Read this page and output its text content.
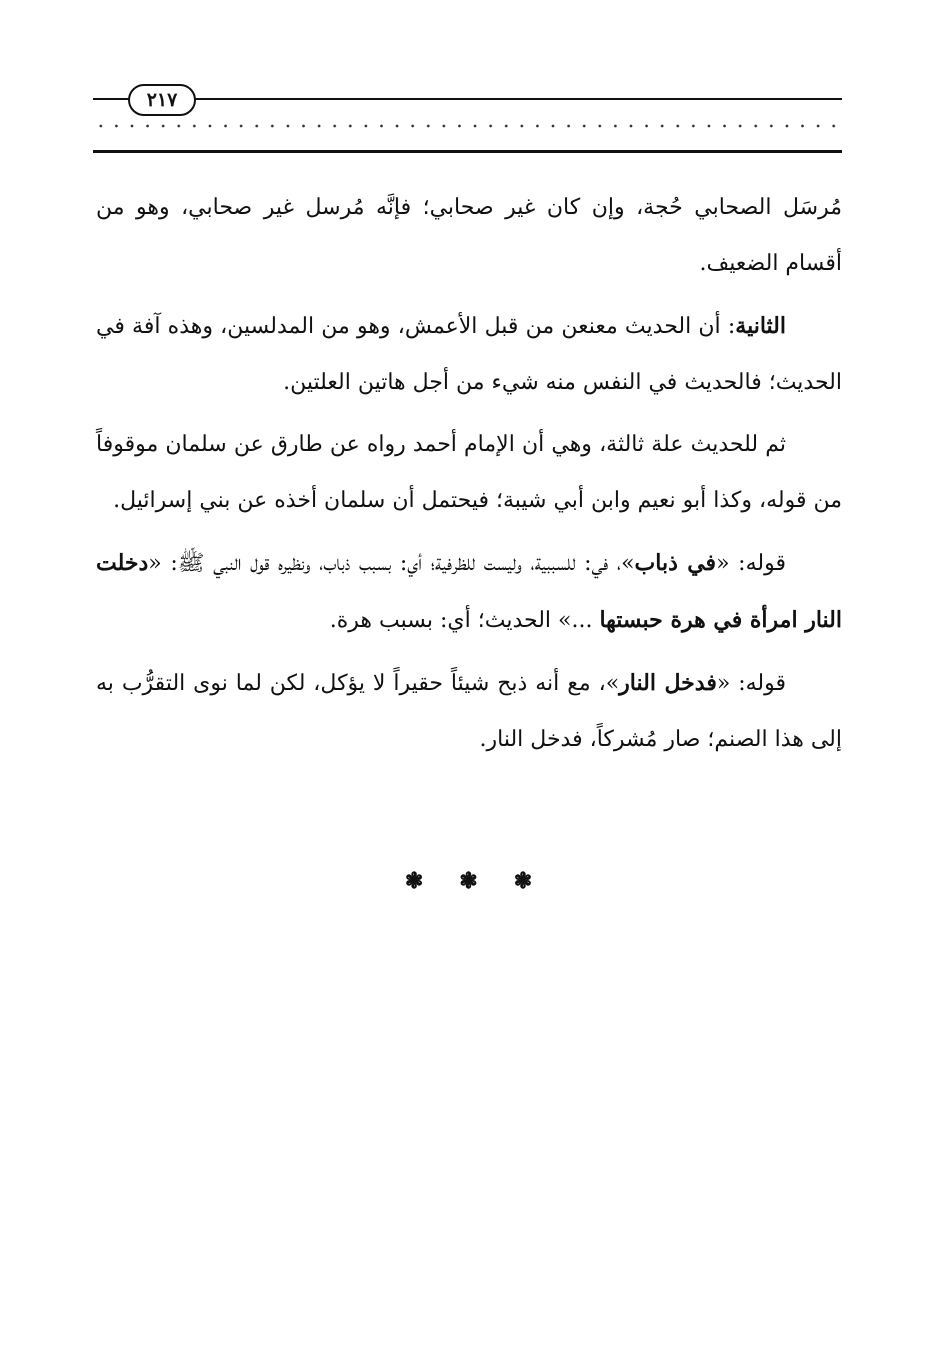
٢١٧

مُرسَل الصحابي حُجة، وإن كان غير صحابي؛ فإنَّه مُرسل غير صحابي، وهو من أقسام الضعيف.

الثانية: أن الحديث معنعن من قبل الأعمش، وهو من المدلسين، وهذه آفة في الحديث؛ فالحديث في النفس منه شيء من أجل هاتين العلتين.

ثم للحديث علة ثالثة، وهي أن الإمام أحمد رواه عن طارق عن سلمان موقوفاً من قوله، وكذا أبو نعيم وابن أبي شيبة؛ فيحتمل أن سلمان أخذه عن بني إسرائيل.

قوله: «في ذباب»، في: للسببية، وليست للظرفية؛ أي: بسبب ذباب، ونظيره قول النبي ﷺ: «دخلت النار امرأة في هرة حبستها ...» الحديث؛ أي: بسبب هرة.

قوله: «فدخل النار»، مع أنه ذبح شيئاً حقيراً لا يؤكل، لكن لما نوى التقرُّب به إلى هذا الصنم؛ صار مُشركاً، فدخل النار.

❃❃❃
